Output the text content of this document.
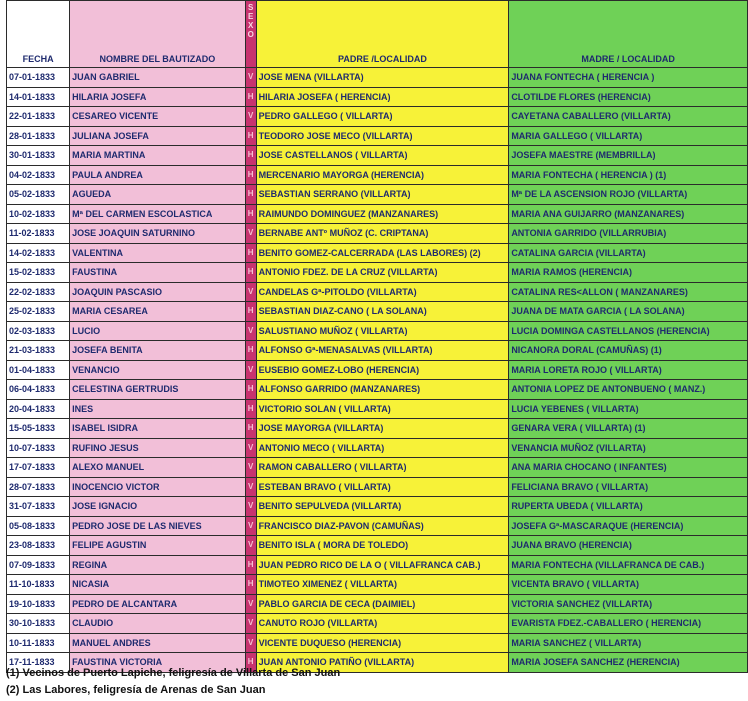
FECHA	NOMBRE DEL BAUTIZADO	S E X O	PADRE /LOCALIDAD	MADRE / LOCALIDAD
07-01-1833	JUAN GABRIEL	V	JOSE MENA (VILLARTA)	JUANA FONTECHA ( HERENCIA )
14-01-1833	HILARIA JOSEFA	H	HILARIA JOSEFA ( HERENCIA)	CLOTILDE FLORES (HERENCIA)
22-01-1833	CESAREO VICENTE	V	PEDRO GALLEGO ( VILLARTA)	CAYETANA CABALLERO (VILLARTA)
28-01-1833	JULIANA JOSEFA	H	TEODORO JOSE MECO (VILLARTA)	MARIA GALLEGO ( VILLARTA)
30-01-1833	MARIA MARTINA	H	JOSE CASTELLANOS ( VILLARTA)	JOSEFA MAESTRE (MEMBRILLA)
04-02-1833	PAULA ANDREA	H	MERCENARIO MAYORGA (HERENCIA)	MARIA FONTECHA ( HERENCIA ) (1)
05-02-1833	AGUEDA	H	SEBASTIAN SERRANO (VILLARTA)	Mª DE LA ASCENSION ROJO (VILLARTA)
10-02-1833	Mª DEL CARMEN ESCOLASTICA	H	RAIMUNDO DOMINGUEZ (MANZANARES)	MARIA ANA GUIJARRO (MANZANARES)
11-02-1833	JOSE JOAQUIN SATURNINO	V	BERNABE ANTº MUÑOZ (C. CRIPTANA)	ANTONIA GARRIDO (VILLARRUBIA)
14-02-1833	VALENTINA	H	BENITO GOMEZ-CALCERRADA (LAS LABORES) (2)	CATALINA GARCIA (VILLARTA)
15-02-1833	FAUSTINA	H	ANTONIO FDEZ. DE LA CRUZ (VILLARTA)	MARIA RAMOS (HERENCIA)
22-02-1833	JOAQUIN PASCASIO	V	CANDELAS Gª-PITOLDO (VILLARTA)	CATALINA RES<ALLON ( MANZANARES)
25-02-1833	MARIA CESAREA	H	SEBASTIAN DIAZ-CANO ( LA SOLANA)	JUANA DE MATA GARCIA ( LA SOLANA)
02-03-1833	LUCIO	V	SALUSTIANO MUÑOZ ( VILLARTA)	LUCIA DOMINGA CASTELLANOS (HERENCIA)
21-03-1833	JOSEFA BENITA	H	ALFONSO Gª-MENASALVAS (VILLARTA)	NICANORA DORAL (CAMUÑAS) (1)
01-04-1833	VENANCIO	V	EUSEBIO GOMEZ-LOBO (HERENCIA)	MARIA LORETA ROJO ( VILLARTA)
06-04-1833	CELESTINA GERTRUDIS	H	ALFONSO GARRIDO (MANZANARES)	ANTONIA LOPEZ DE ANTONBUENO ( MANZ.)
20-04-1833	INES	H	VICTORIO SOLAN ( VILLARTA)	LUCIA YEBENES ( VILLARTA)
15-05-1833	ISABEL ISIDRA	H	JOSE MAYORGA (VILLARTA)	GENARA VERA ( VILLARTA) (1)
10-07-1833	RUFINO JESUS	V	ANTONIO MECO ( VILLARTA)	VENANCIA MUÑOZ (VILLARTA)
17-07-1833	ALEXO MANUEL	V	RAMON CABALLERO ( VILLARTA)	ANA MARIA CHOCANO ( INFANTES)
28-07-1833	INOCENCIO VICTOR	V	ESTEBAN BRAVO ( VILLARTA)	FELICIANA BRAVO ( VILLARTA)
31-07-1833	JOSE IGNACIO	V	BENITO SEPULVEDA (VILLARTA)	RUPERTA UBEDA ( VILLARTA)
05-08-1833	PEDRO JOSE DE LAS NIEVES	V	FRANCISCO DIAZ-PAVON (CAMUÑAS)	JOSEFA Gª-MASCARAQUE (HERENCIA)
23-08-1833	FELIPE AGUSTIN	V	BENITO ISLA ( MORA DE TOLEDO)	JUANA BRAVO (HERENCIA)
07-09-1833	REGINA	H	JUAN PEDRO RICO DE LA O ( VILLAFRANCA CAB.)	MARIA FONTECHA (VILLAFRANCA DE CAB.)
11-10-1833	NICASIA	H	TIMOTEO XIMENEZ ( VILLARTA)	VICENTA BRAVO ( VILLARTA)
19-10-1833	PEDRO DE ALCANTARA	V	PABLO GARCIA DE CECA (DAIMIEL)	VICTORIA SANCHEZ (VILLARTA)
30-10-1833	CLAUDIO	V	CANUTO ROJO (VILLARTA)	EVARISTA FDEZ.-CABALLERO ( HERENCIA)
10-11-1833	MANUEL ANDRES	V	VICENTE DUQUESO (HERENCIA)	MARIA SANCHEZ ( VILLARTA)
17-11-1833	FAUSTINA VICTORIA	H	JUAN ANTONIO PATIÑO (VILLARTA)	MARIA JOSEFA SANCHEZ (HERENCIA)
(1) Vecinos de Puerto Lapiche, feligresía de Villarta de San Juan
(2) Las Labores, feligresía de Arenas de San Juan
